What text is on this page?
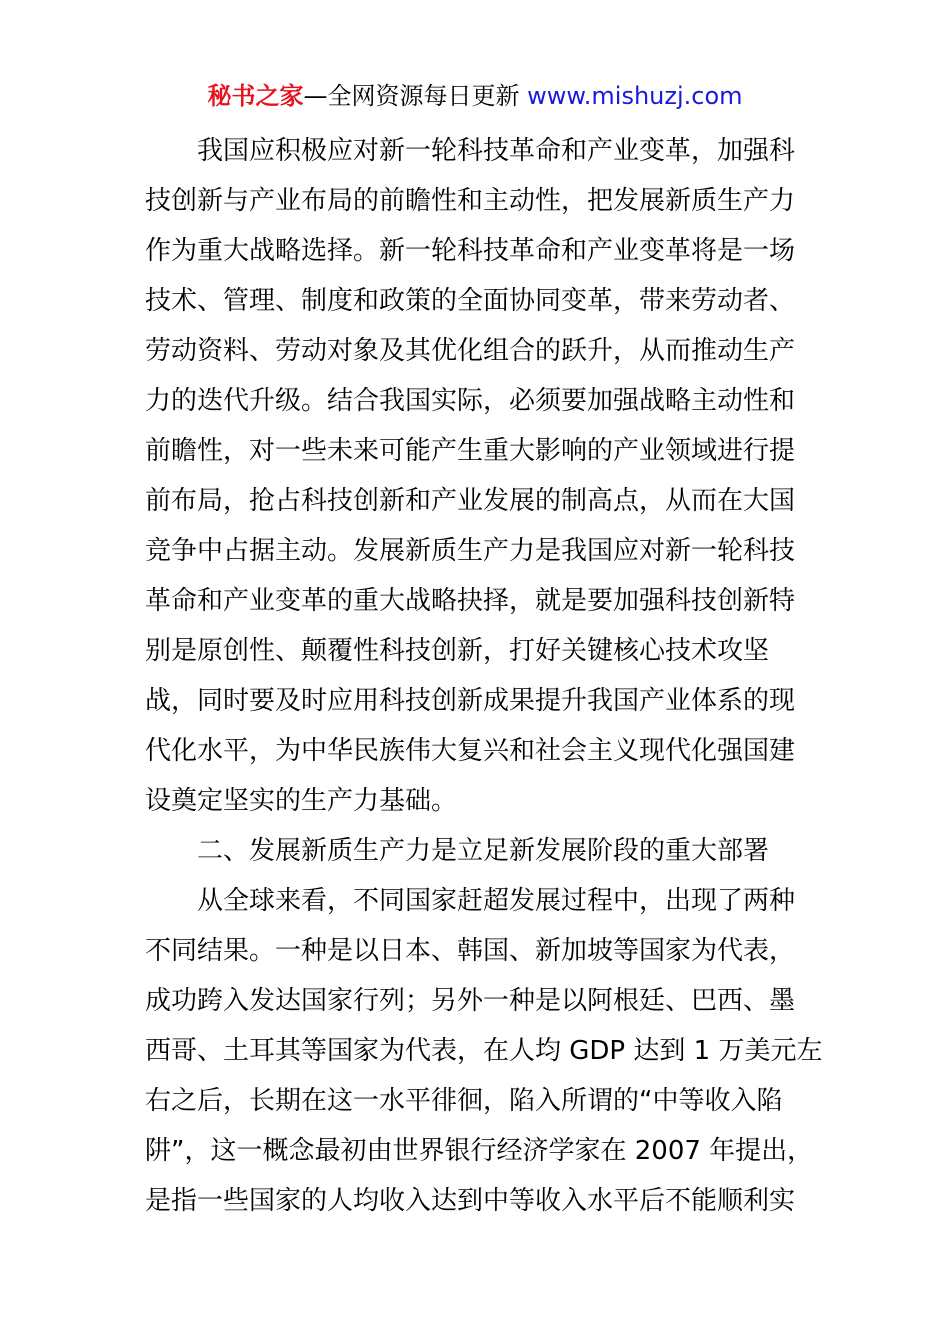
秘书之家—全网资源每日更新 www.mishuzj.com
我国应积极应对新一轮科技革命和产业变革，加强科
技创新与产业布局的前瞻性和主动性，把发展新质生产力
作为重大战略选择。新一轮科技革命和产业变革将是一场
技术、管理、制度和政策的全面协同变革，带来劳动者、
劳动资料、劳动对象及其优化组合的跃升，从而推动生产
力的迭代升级。结合我国实际，必须要加强战略主动性和
前瞻性，对一些未来可能产生重大影响的产业领域进行提
前布局，抢占科技创新和产业发展的制高点，从而在大国
竞争中占据主动。发展新质生产力是我国应对新一轮科技
革命和产业变革的重大战略抉择，就是要加强科技创新特
别是原创性、颠覆性科技创新，打好关键核心技术攻坚
战，同时要及时应用科技创新成果提升我国产业体系的现
代化水平，为中华民族伟大复兴和社会主义现代化强国建
设奠定坚实的生产力基础。
二、发展新质生产力是立足新发展阶段的重大部署
从全球来看，不同国家赶超发展过程中，出现了两种
不同结果。一种是以日本、韩国、新加坡等国家为代表，
成功跨入发达国家行列；另外一种是以阿根廷、巴西、墨
西哥、土耳其等国家为代表，在人均 GDP 达到 1 万美元左
右之后，长期在这一水平徘徊，陷入所谓的“中等收入陷
阱”，这一概念最初由世界银行经济学家在 2007 年提出，
是指一些国家的人均收入达到中等收入水平后不能顺利实
